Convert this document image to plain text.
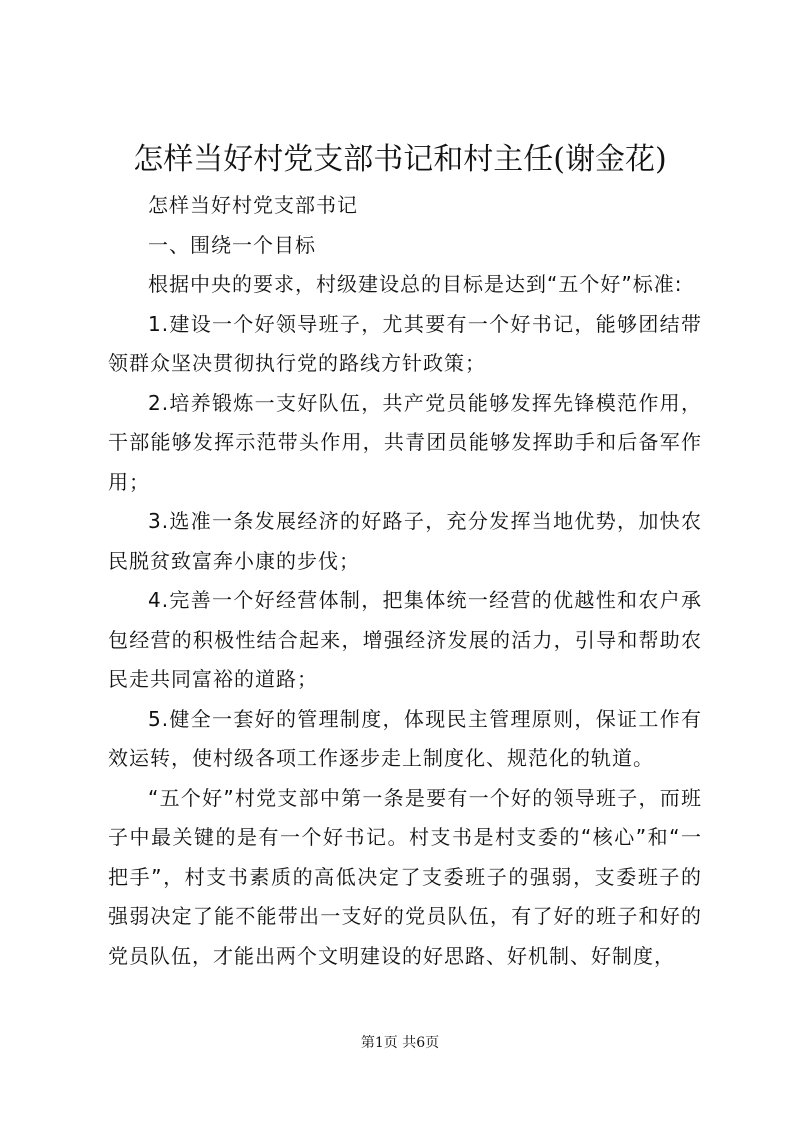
怎样当好村党支部书记和村主任(谢金花)

怎样当好村党支部书记

一、围绕一个目标

根据中央的要求，村级建设总的目标是达到“五个好”标准:

1.建设一个好领导班子，尤其要有一个好书记，能够团结带领群众坚决贯彻执行党的路线方针政策；

2.培养锻炼一支好队伍，共产党员能够发挥先锋模范作用，干部能够发挥示范带头作用，共青团员能够发挥助手和后备军作用；

3.选准一条发展经济的好路子，充分发挥当地优势，加快农民脱贫致富奔小康的步伐；

4.完善一个好经营体制，把集体统一经营的优越性和农户承包经营的积极性结合起来，增强经济发展的活力，引导和帮助农民走共同富裕的道路；

5.健全一套好的管理制度，体现民主管理原则，保证工作有效运转，使村级各项工作逐步走上制度化、规范化的轨道。

“五个好”村党支部中第一条是要有一个好的领导班子，而班子中最关键的是有一个好书记。村支书是村支委的“核心”和“一把手”，村支书素质的高低决定了支委班子的强弱，支委班子的强弱决定了能不能带出一支好的党员队伍，有了好的班子和好的党员队伍，才能出两个文明建设的好思路、好机制、好制度，

第1页 共6页
